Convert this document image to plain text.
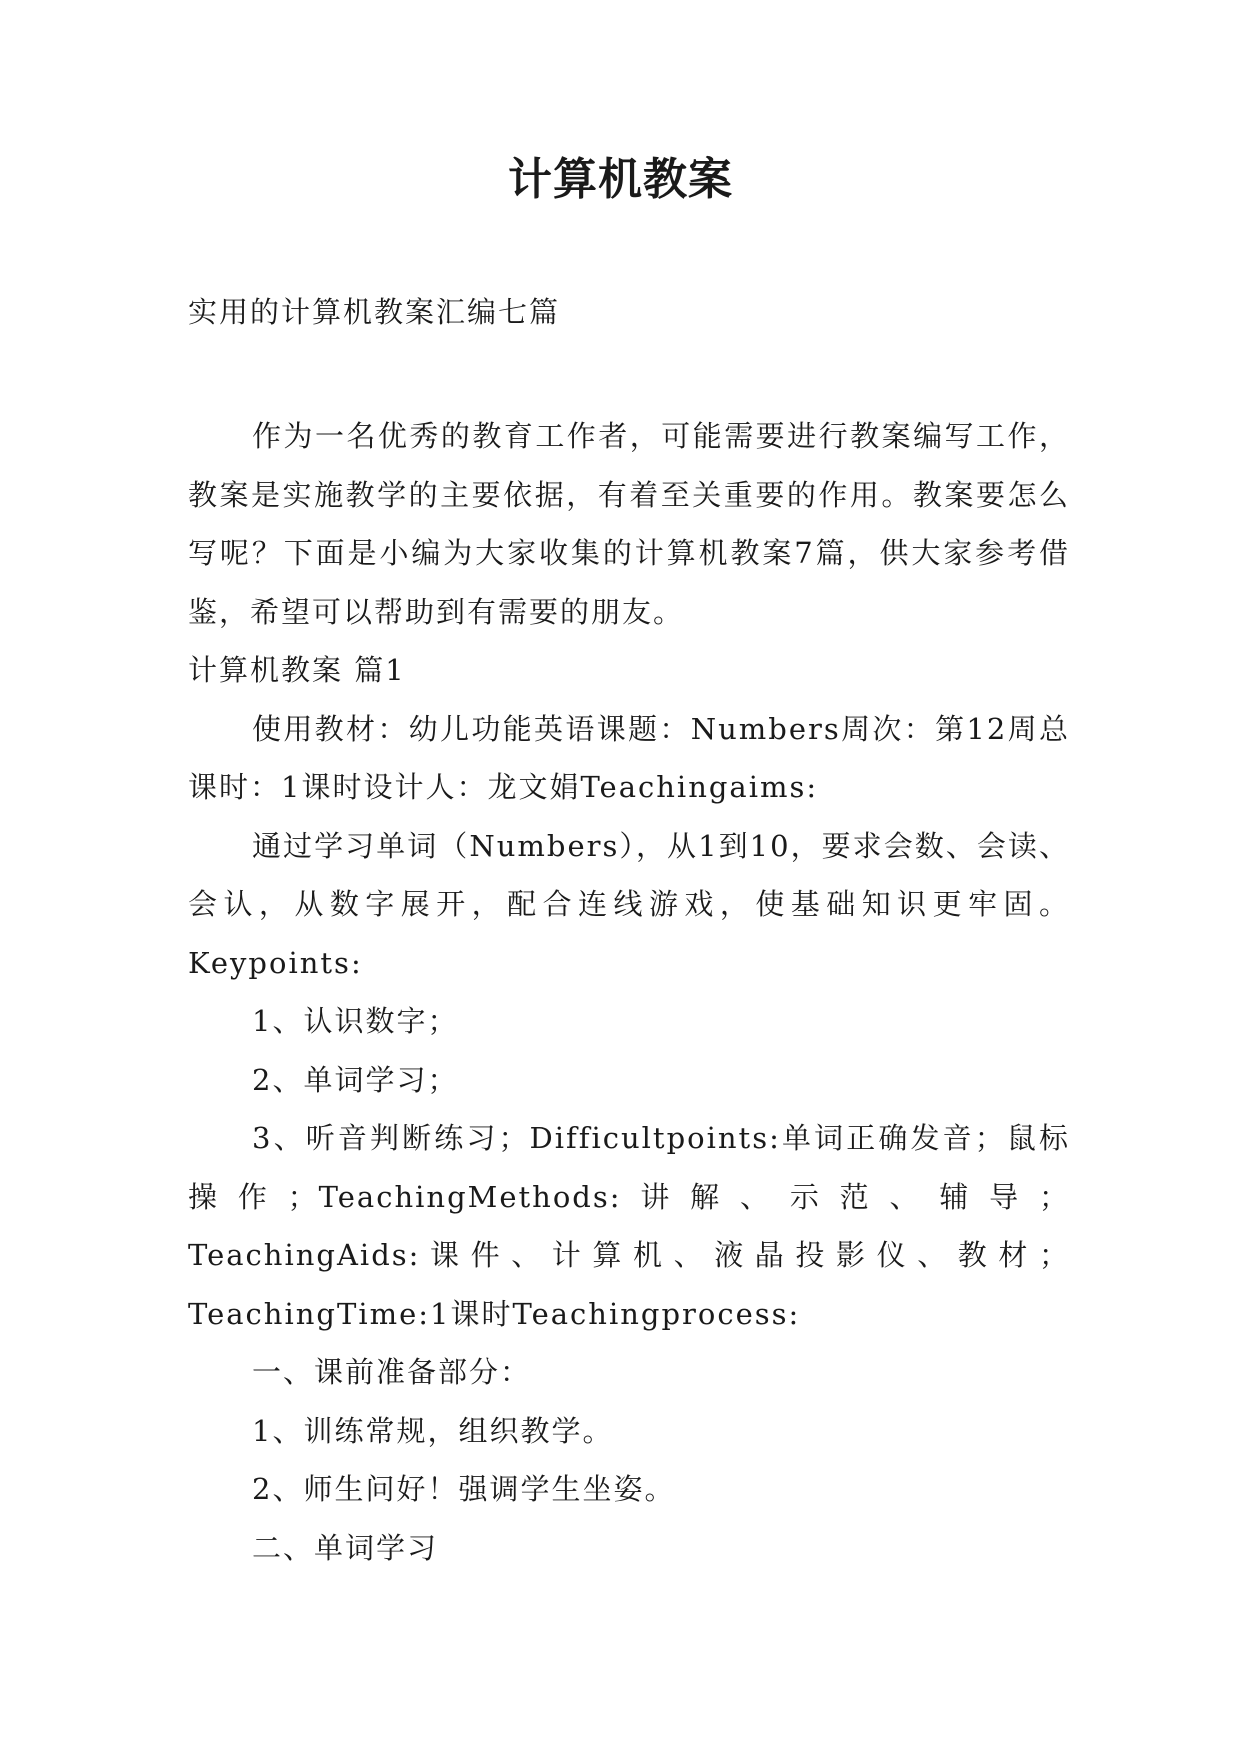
计算机教案

实用的计算机教案汇编七篇

作为一名优秀的教育工作者，可能需要进行教案编写工作，教案是实施教学的主要依据，有着至关重要的作用。教案要怎么写呢？下面是小编为大家收集的计算机教案7篇，供大家参考借鉴，希望可以帮助到有需要的朋友。

计算机教案 篇1

使用教材：幼儿功能英语课题：Numbers周次：第12周总课时：1课时设计人：龙文娟Teachingaims:

通过学习单词（Numbers），从1到10，要求会数、会读、会认，从数字展开，配合连线游戏，使基础知识更牢固。Keypoints:

1、认识数字；

2、单词学习；

3、听音判断练习；Difficultpoints:单词正确发音；鼠标操作；TeachingMethods:讲解、示范、辅导；TeachingAids:课件、计算机、液晶投影仪、教材；TeachingTime:1课时Teachingprocess:

一、课前准备部分：

1、训练常规，组织教学。

2、师生问好！强调学生坐姿。

二、单词学习
